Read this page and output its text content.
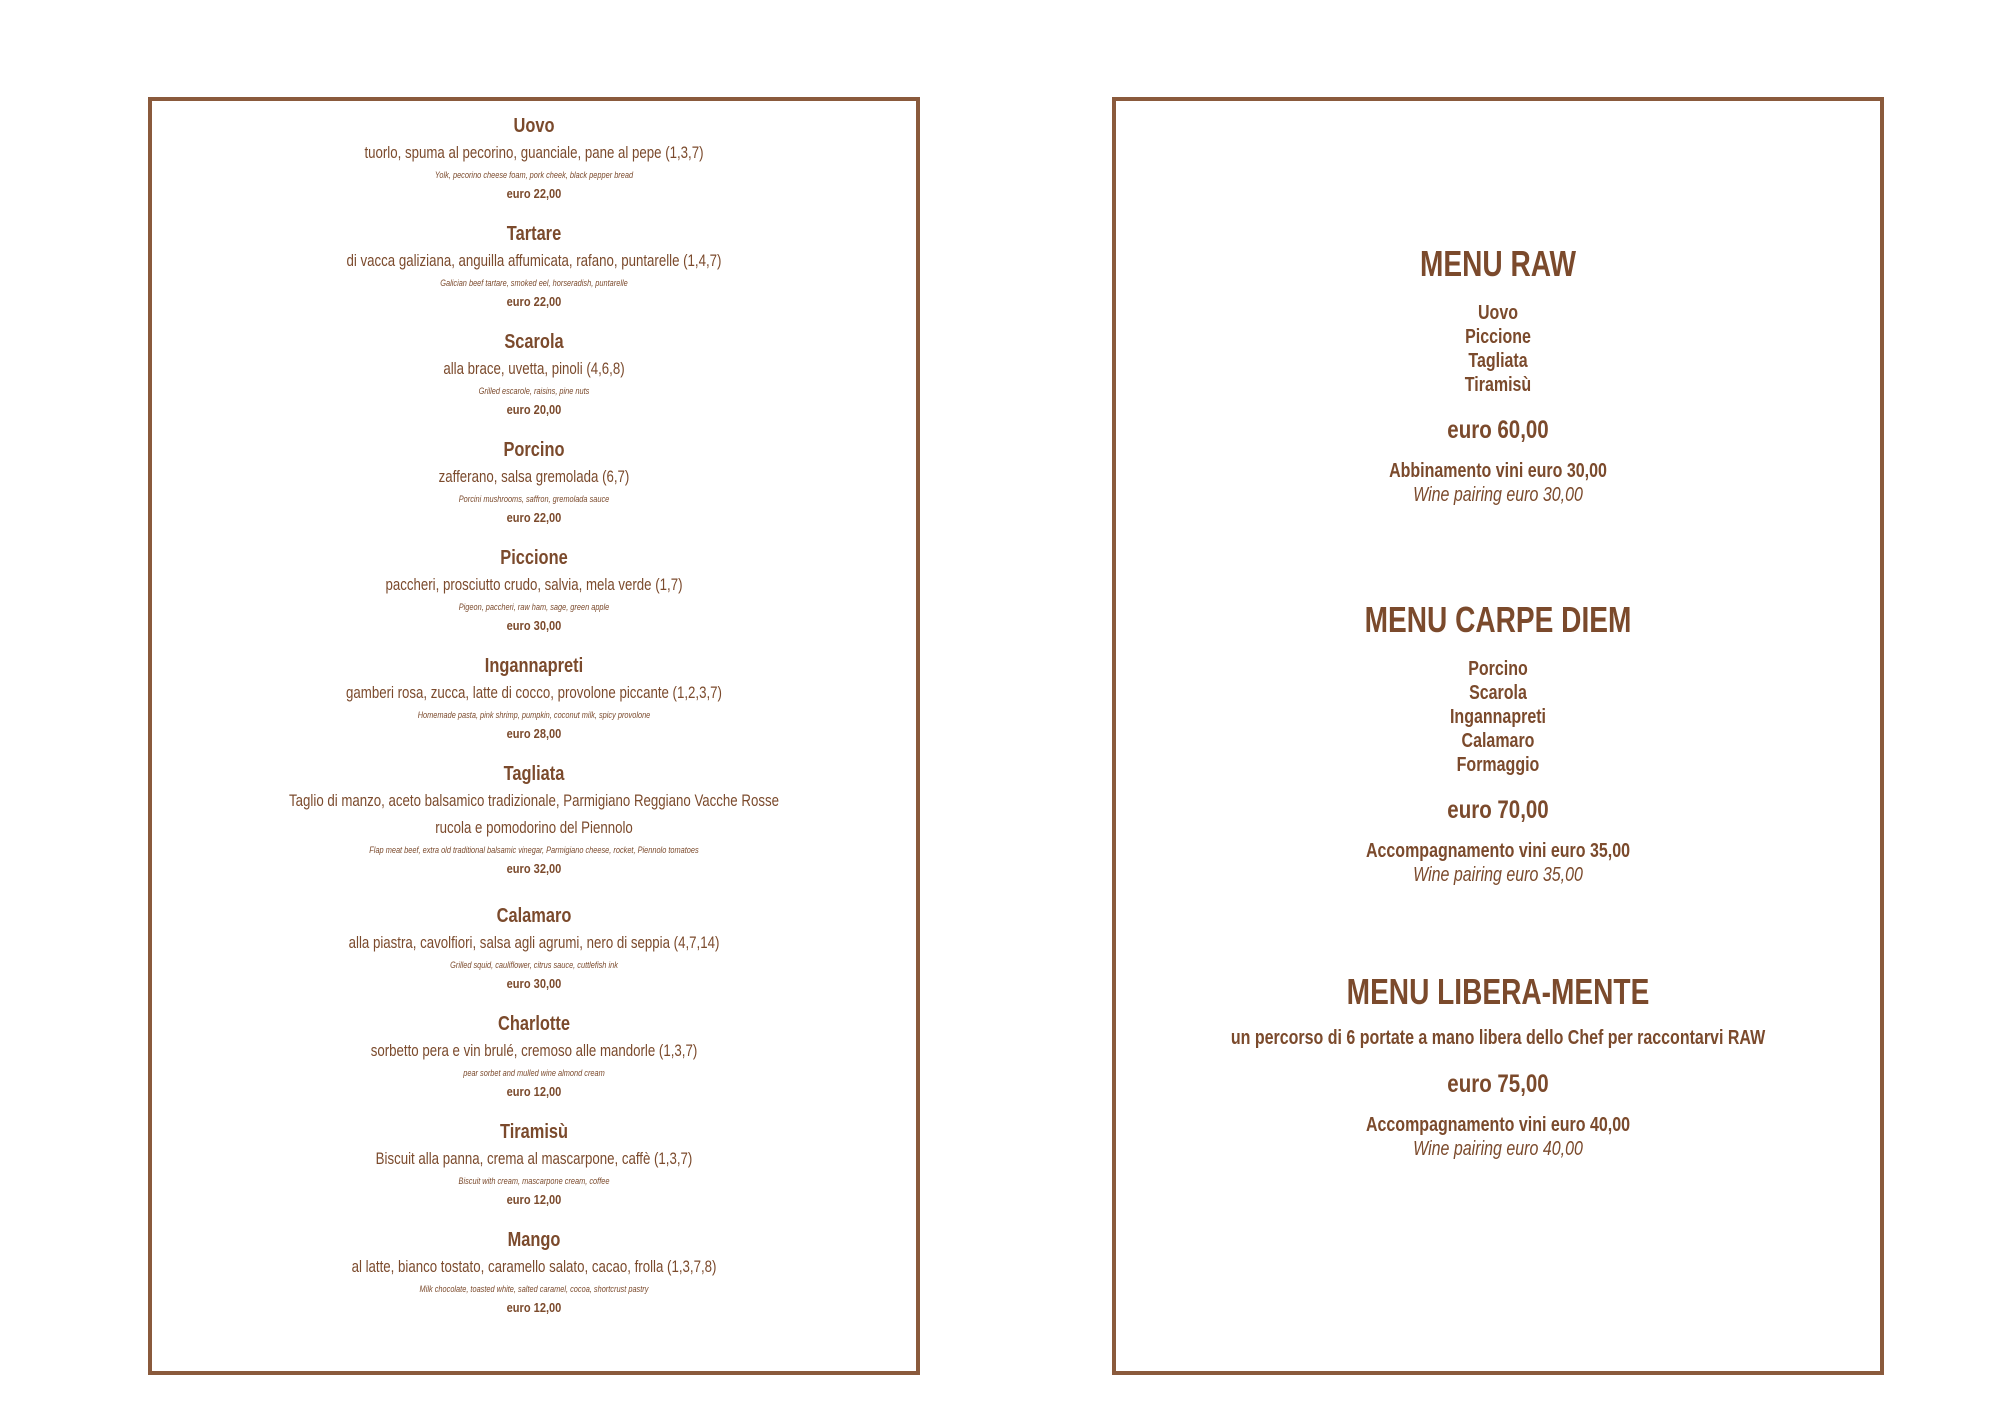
Uovo
tuorlo, spuma al pecorino, guanciale, pane al pepe (1,3,7)
Yolk, pecorino cheese foam, pork cheek, black pepper bread
euro 22,00
Tartare
di vacca galiziana, anguilla affumicata, rafano, puntarelle (1,4,7)
Galician beef tartare, smoked eel, horseradish, puntarelle
euro 22,00
Scarola
alla brace, uvetta, pinoli (4,6,8)
Grilled escarole, raisins, pine nuts
euro 20,00
Porcino
zafferano, salsa gremolada (6,7)
Porcini mushrooms, saffron, gremolada sauce
euro 22,00
Piccione
paccheri, prosciutto crudo, salvia, mela verde (1,7)
Pigeon, paccheri, raw ham, sage, green apple
euro 30,00
Ingannapreti
gamberi rosa, zucca, latte di cocco, provolone piccante (1,2,3,7)
Homemade pasta, pink shrimp, pumpkin, coconut milk, spicy provolone
euro 28,00
Tagliata
Taglio di manzo, aceto balsamico tradizionale, Parmigiano Reggiano Vacche Rosse
rucola e pomodorino del Piennolo
Flap meat beef, extra old traditional balsamic vinegar, Parmigiano cheese, rocket, Piennolo tomatoes
euro 32,00
Calamaro
alla piastra, cavolfiori, salsa agli agrumi, nero di seppia (4,7,14)
Grilled squid, cauliflower, citrus sauce, cuttlefish ink
euro 30,00
Charlotte
sorbetto pera e vin brulé, cremoso alle mandorle (1,3,7)
pear sorbet and mulled wine almond cream
euro 12,00
Tiramisù
Biscuit alla panna, crema al mascarpone, caffè (1,3,7)
Biscuit with cream, mascarpone cream, coffee
euro 12,00
Mango
al latte, bianco tostato, caramello salato, cacao, frolla (1,3,7,8)
Milk chocolate, toasted white, salted caramel, cocoa, shortcrust pastry
euro 12,00
MENU RAW
Uovo
Piccione
Tagliata
Tiramisù
euro 60,00
Abbinamento vini euro 30,00
Wine pairing euro 30,00
MENU CARPE DIEM
Porcino
Scarola
Ingannapreti
Calamaro
Formaggio
euro 70,00
Accompagnamento vini euro 35,00
Wine pairing euro 35,00
MENU LIBERA-MENTE
un percorso di 6 portate a mano libera dello Chef per raccontarvi RAW
euro 75,00
Accompagnamento vini euro 40,00
Wine pairing euro 40,00
